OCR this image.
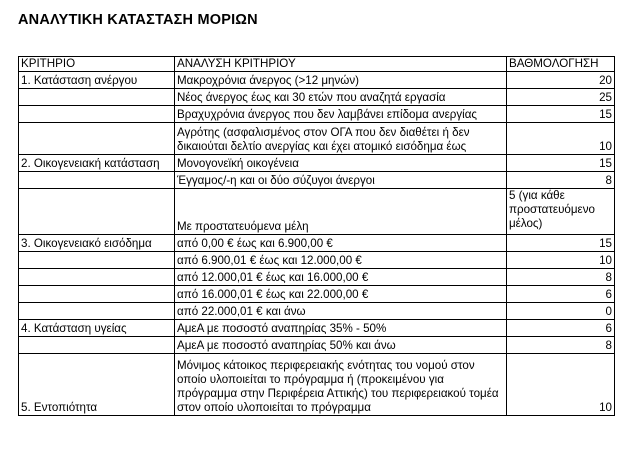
ΑΝΑΛΥΤΙΚΗ ΚΑΤΑΣΤΑΣΗ ΜΟΡΙΩΝ
ΚΡΙΤΗΡΙΟ	ΑΝΑΛΥΣΗ ΚΡΙΤΗΡΙΟΥ	ΒΑΘΜΟΛΟΓΗΣΗ
1. Κατάσταση ανέργου	Μακροχρόνια άνεργος (>12 μηνών)	20
	Νέος άνεργος έως και 30 ετών που αναζητά εργασία	25
	Βραχυχρόνια άνεργος που δεν λαμβάνει επίδομα ανεργίας	15
	Αγρότης (ασφαλισμένος στον ΟΓΑ που δεν διαθέτει ή δεν δικαιούται δελτίο ανεργίας και έχει ατομικό εισόδημα έως	10
2. Οικογενειακή κατάσταση	Μονογονεϊκή οικογένεια	15
	Έγγαμος/-η και οι δύο σύζυγοι άνεργοι	8
	Με προστατευόμενα μέλη	5 (για κάθε προστατευόμενο μέλος)
3. Οικογενειακό εισόδημα	από 0,00 € έως και 6.900,00 €	15
	από 6.900,01 € έως και 12.000,00 €	10
	από 12.000,01 € έως και 16.000,00 €	8
	από 16.000,01 € έως και 22.000,00 €	6
	από 22.000,01 € και άνω	0
4. Κατάσταση υγείας	ΑμεΑ με ποσοστό αναπηρίας 35% - 50%	6
	ΑμεΑ με ποσοστό αναπηρίας 50% και άνω	8
5. Εντοπιότητα	Μόνιμος κάτοικος περιφερειακής ενότητας του νομού στον οποίο υλοποιείται το πρόγραμμα ή (προκειμένου για πρόγραμμα στην Περιφέρεια Αττικής) του περιφερειακού τομέα στον οποίο υλοποιείται το πρόγραμμα	10
